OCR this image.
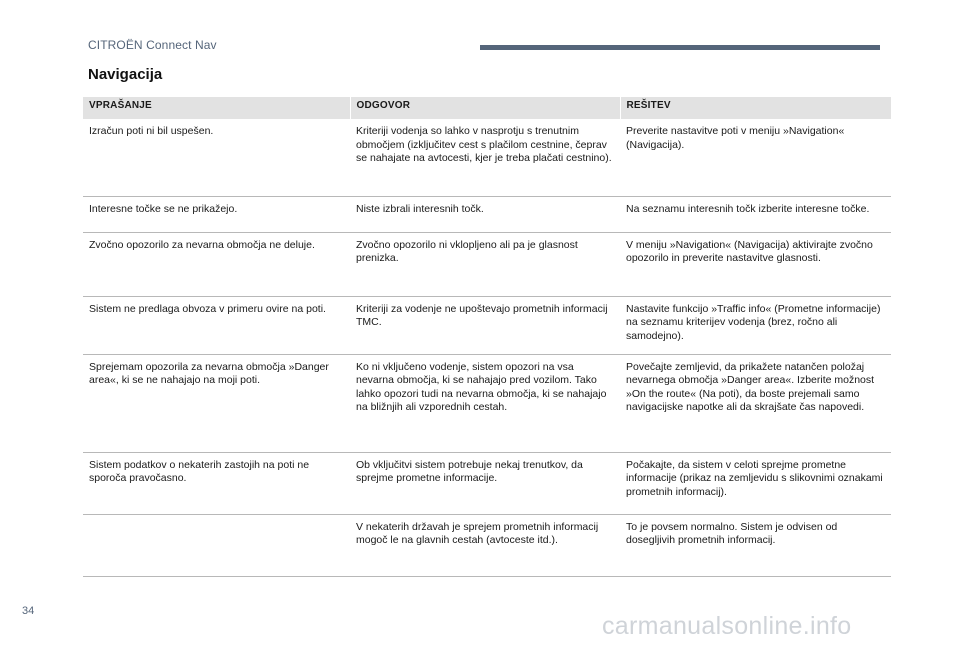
CITROËN Connect Nav
Navigacija
VPRAŠANJE	ODGOVOR	REŠITEV
Izračun poti ni bil uspešen.	Kriteriji vodenja so lahko v nasprotju s trenutnim območjem (izključitev cest s plačilom cestnine, čeprav se nahajate na avtocesti, kjer je treba plačati cestnino).	Preverite nastavitve poti v meniju »Navigation« (Navigacija).
Interesne točke se ne prikažejo.	Niste izbrali interesnih točk.	Na seznamu interesnih točk izberite interesne točke.
Zvočno opozorilo za nevarna območja ne deluje.	Zvočno opozorilo ni vklopljeno ali pa je glasnost prenizka.	V meniju »Navigation« (Navigacija) aktivirajte zvočno opozorilo in preverite nastavitve glasnosti.
Sistem ne predlaga obvoza v primeru ovire na poti.	Kriteriji za vodenje ne upoštevajo prometnih informacij TMC.	Nastavite funkcijo »Traffic info« (Prometne informacije) na seznamu kriterijev vodenja (brez, ročno ali samodejno).
Sprejemam opozorila za nevarna območja »Danger area«, ki se ne nahajajo na moji poti.	Ko ni vključeno vodenje, sistem opozori na vsa nevarna območja, ki se nahajajo pred vozilom. Tako lahko opozori tudi na nevarna območja, ki se nahajajo na bližnjih ali vzporednih cestah.	Povečajte zemljevid, da prikažete natančen položaj nevarnega območja »Danger area«. Izberite možnost »On the route« (Na poti), da boste prejemali samo navigacijske napotke ali da skrajšate čas napovedi.
Sistem podatkov o nekaterih zastojih na poti ne sporoča pravočasno.	Ob vključitvi sistem potrebuje nekaj trenutkov, da sprejme prometne informacije.	Počakajte, da sistem v celoti sprejme prometne informacije (prikaz na zemljevidu s slikovnimi oznakami prometnih informacij).
	V nekaterih državah je sprejem prometnih informacij mogoč le na glavnih cestah (avtoceste itd.).	To je povsem normalno. Sistem je odvisen od dosegljivih prometnih informacij.
34
carmanualsonline.info
